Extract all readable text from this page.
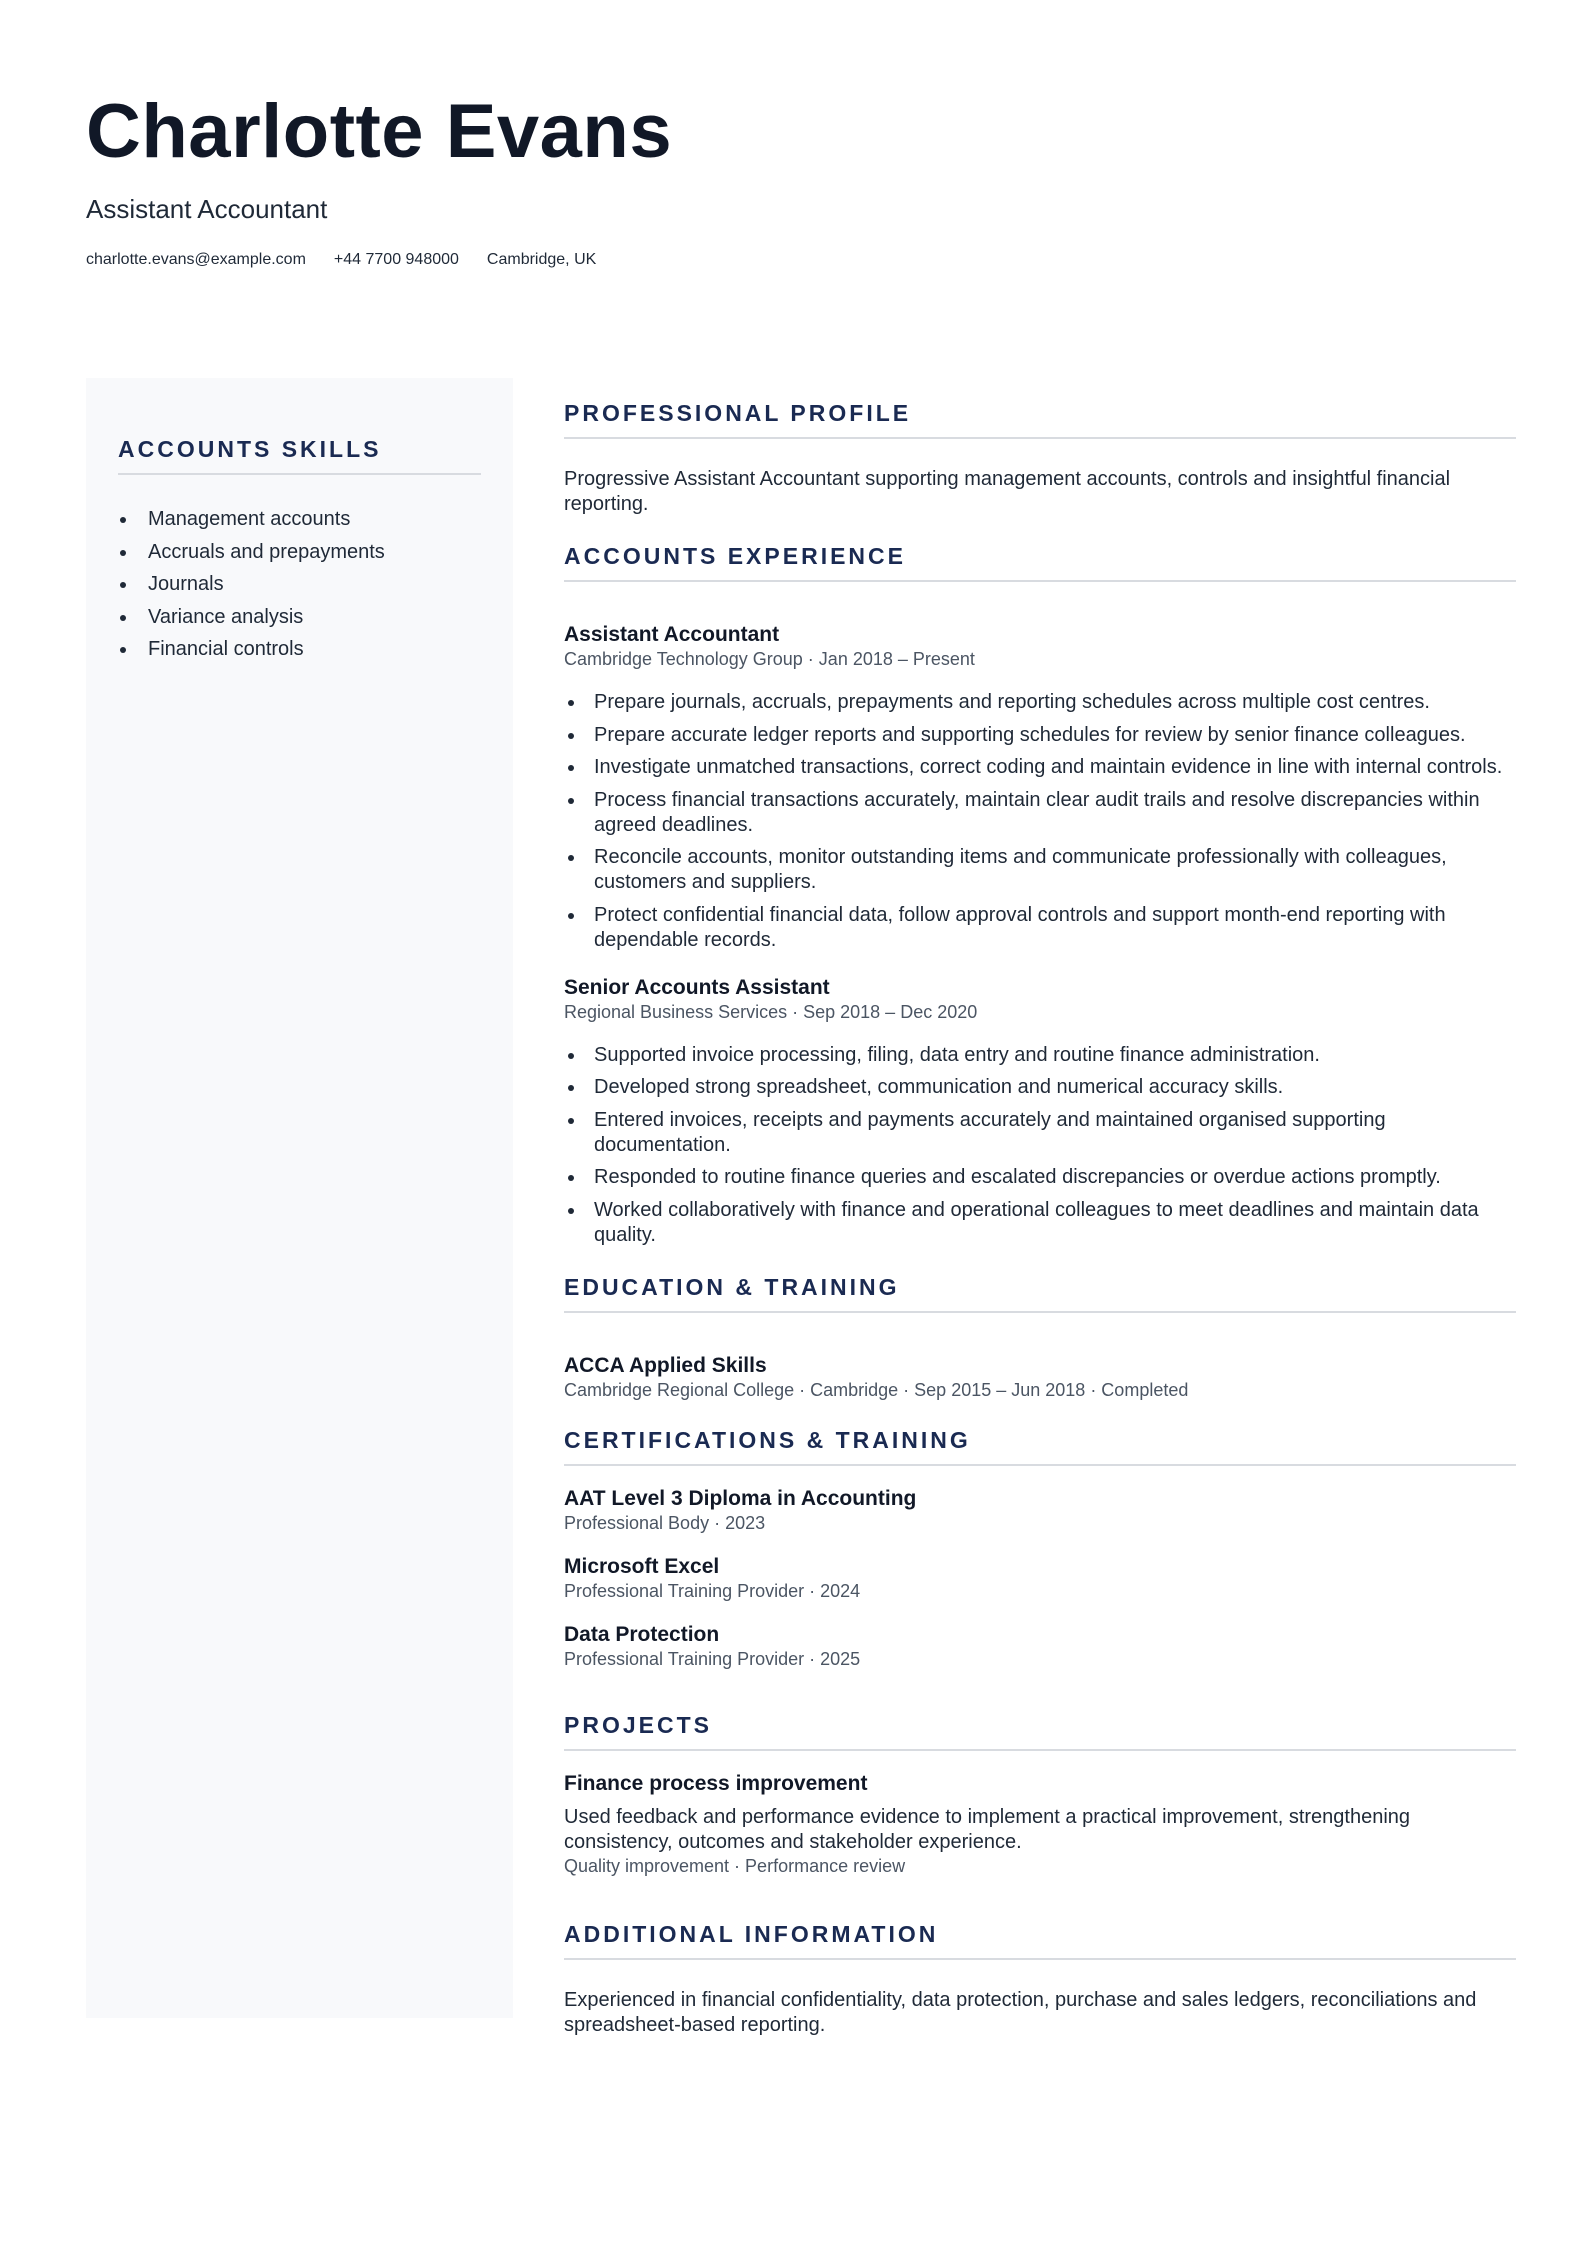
Charlotte Evans
Assistant Accountant
charlotte.evans@example.com +44 7700 948000 Cambridge, UK
ACCOUNTS SKILLS
Management accounts
Accruals and prepayments
Journals
Variance analysis
Financial controls
PROFESSIONAL PROFILE

Progressive Assistant Accountant supporting management accounts, controls and insightful financial reporting.

ACCOUNTS EXPERIENCE
Assistant Accountant
Cambridge Technology Group · Jan 2018 – Present
Prepare journals, accruals, prepayments and reporting schedules across multiple cost centres.
Prepare accurate ledger reports and supporting schedules for review by senior finance colleagues.
Investigate unmatched transactions, correct coding and maintain evidence in line with internal controls.
Process financial transactions accurately, maintain clear audit trails and resolve discrepancies within agreed deadlines.
Reconcile accounts, monitor outstanding items and communicate professionally with colleagues, customers and suppliers.
Protect confidential financial data, follow approval controls and support month-end reporting with dependable records.
Senior Accounts Assistant
Regional Business Services · Sep 2018 – Dec 2020
Supported invoice processing, filing, data entry and routine finance administration.
Developed strong spreadsheet, communication and numerical accuracy skills.
Entered invoices, receipts and payments accurately and maintained organised supporting documentation.
Responded to routine finance queries and escalated discrepancies or overdue actions promptly.
Worked collaboratively with finance and operational colleagues to meet deadlines and maintain data quality.
EDUCATION & TRAINING
ACCA Applied Skills
Cambridge Regional College · Cambridge · Sep 2015 – Jun 2018 · Completed
CERTIFICATIONS & TRAINING
AAT Level 3 Diploma in Accounting
Professional Body · 2023
Microsoft Excel
Professional Training Provider · 2024
Data Protection
Professional Training Provider · 2025
PROJECTS
Finance process improvement

Used feedback and performance evidence to implement a practical improvement, strengthening consistency, outcomes and stakeholder experience.

Quality improvement · Performance review
ADDITIONAL INFORMATION

Experienced in financial confidentiality, data protection, purchase and sales ledgers, reconciliations and spreadsheet-based reporting.
